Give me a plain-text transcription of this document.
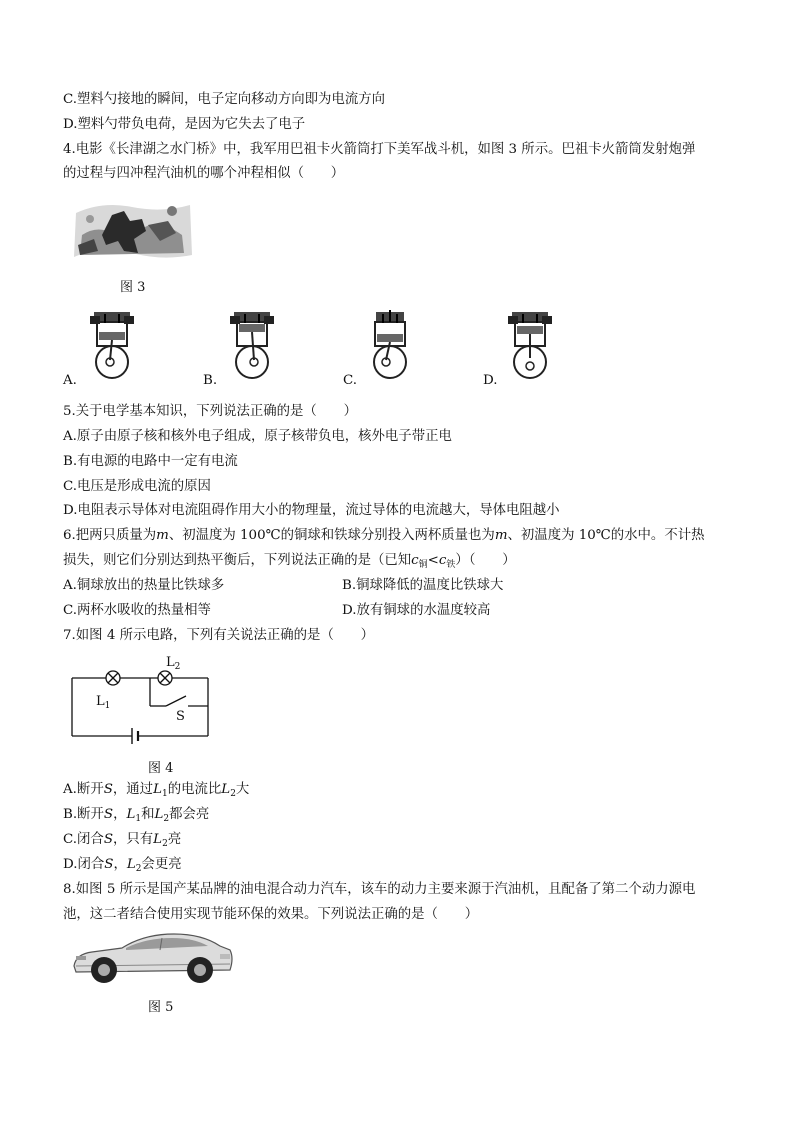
C.塑料勺接地的瞬间，电子定向移动方向即为电流方向
D.塑料勺带负电荷，是因为它失去了电子
4.电影《长津湖之水门桥》中，我军用巴祖卡火箭筒打下美军战斗机，如图 3 所示。巴祖卡火箭筒发射炮弹
的过程与四冲程汽油机的哪个冲程相似（　　）
图 3
A.	B.	C.	D.
5.关于电学基本知识，下列说法正确的是（　　）
A.原子由原子核和核外电子组成，原子核带负电，核外电子带正电
B.有电源的电路中一定有电流
C.电压是形成电流的原因
D.电阻表示导体对电流阻碍作用大小的物理量，流过导体的电流越大，导体电阻越小
6.把两只质量为m、初温度为 100℃的铜球和铁球分别投入两杯质量也为m、初温度为 10℃的水中。不计热
损失，则它们分别达到热平衡后，下列说法正确的是（已知$c_铜<c_铁$）（　　）
A.铜球放出的热量比铁球多	B.铜球降低的温度比铁球大
C.两杯水吸收的热量相等	D.放有铜球的水温度较高
7.如图 4 所示电路，下列有关说法正确的是（　　）
$L_1$
$L_2$
S
图 4
A.断开S，通过$L_1$的电流比$L_2$大
B.断开S，$L_1$和$L_2$都会亮
C.闭合S，只有$L_2$亮
D.闭合S，$L_2$会更亮
8.如图 5 所示是国产某品牌的油电混合动力汽车，该车的动力主要来源于汽油机，且配备了第二个动力源电
池，这二者结合使用实现节能环保的效果。下列说法正确的是（　　）
图 5
